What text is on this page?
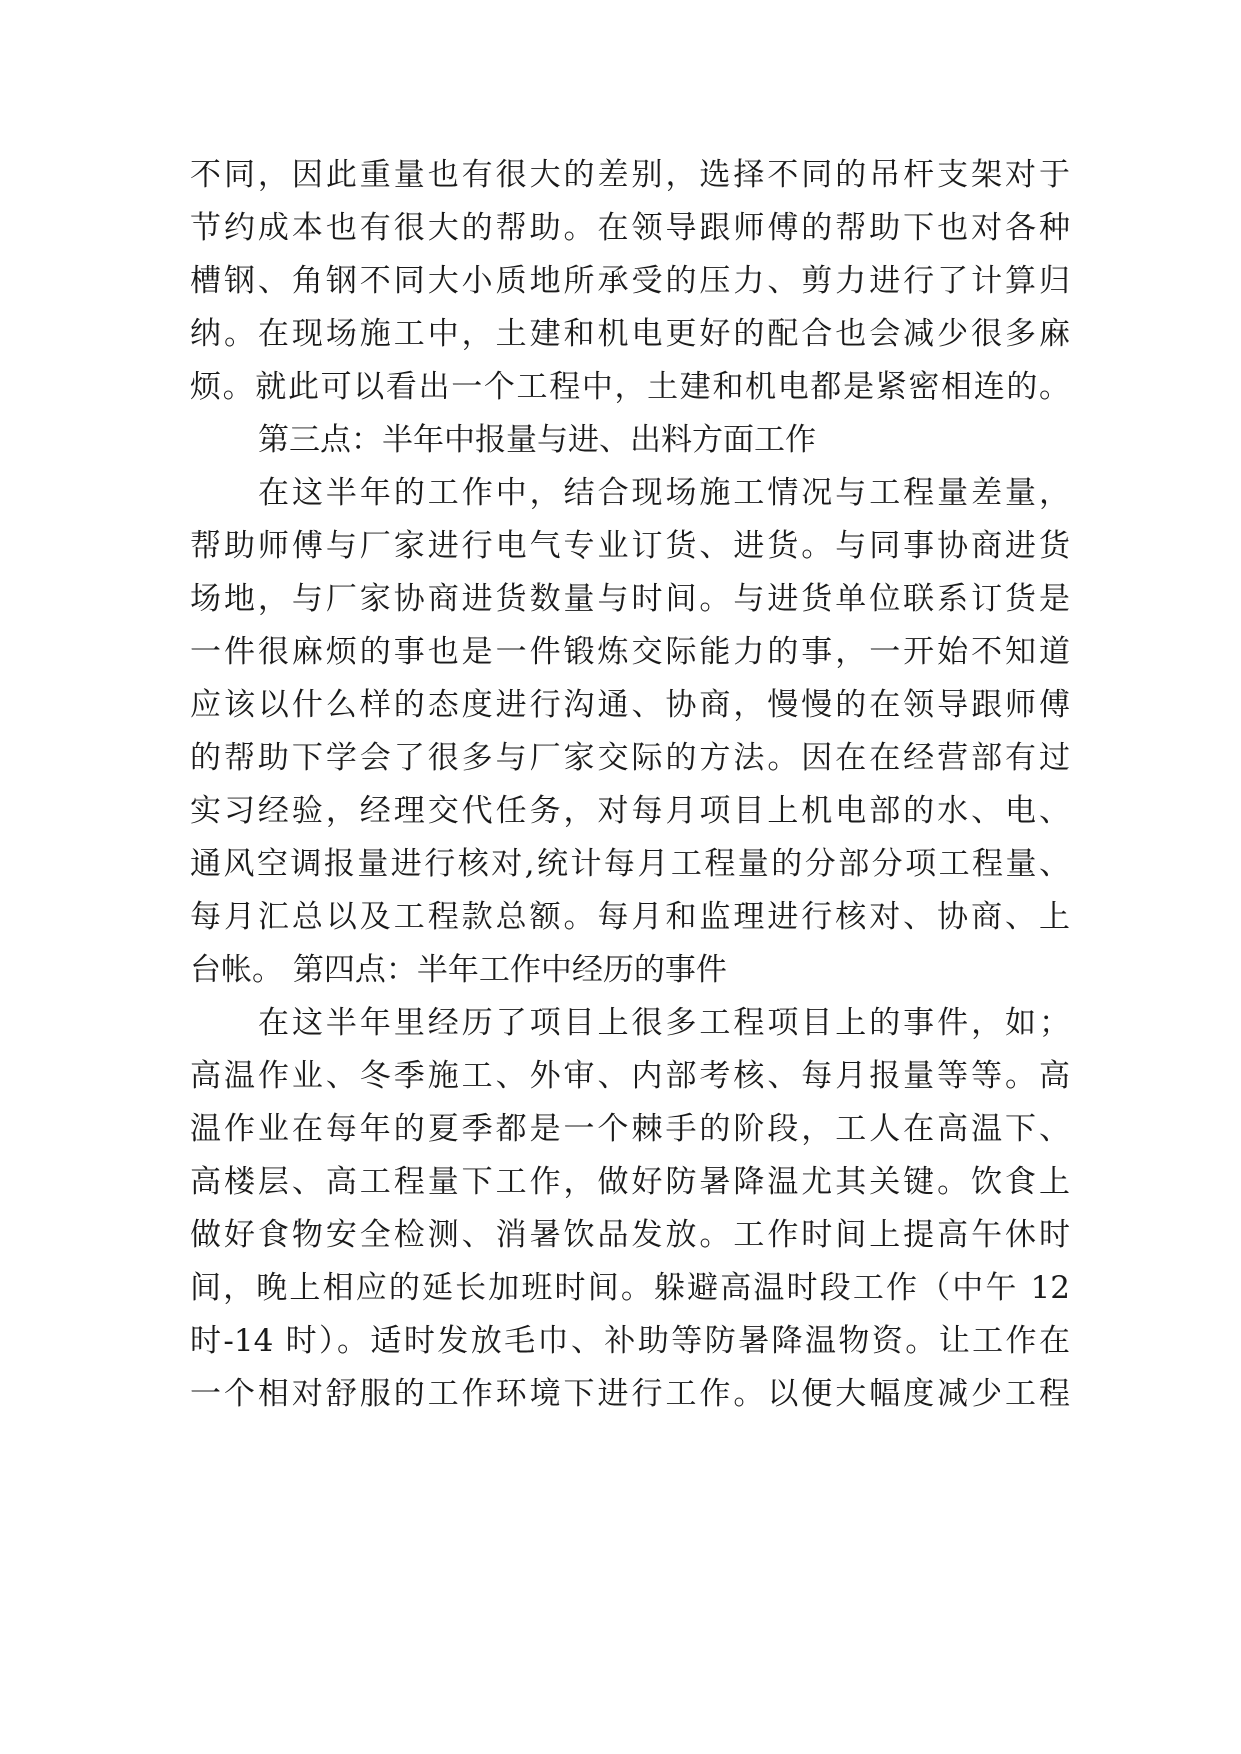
不同，因此重量也有很大的差别，选择不同的吊杆支架对于
节约成本也有很大的帮助。在领导跟师傅的帮助下也对各种
槽钢、角钢不同大小质地所承受的压力、剪力进行了计算归
纳。在现场施工中，土建和机电更好的配合也会减少很多麻
烦。就此可以看出一个工程中，土建和机电都是紧密相连的。
第三点：半年中报量与进、出料方面工作
在这半年的工作中，结合现场施工情况与工程量差量，
帮助师傅与厂家进行电气专业订货、进货。与同事协商进货
场地，与厂家协商进货数量与时间。与进货单位联系订货是
一件很麻烦的事也是一件锻炼交际能力的事，一开始不知道
应该以什么样的态度进行沟通、协商，慢慢的在领导跟师傅
的帮助下学会了很多与厂家交际的方法。因在在经营部有过
实习经验，经理交代任务，对每月项目上机电部的水、电、
通风空调报量进行核对,统计每月工程量的分部分项工程量、
每月汇总以及工程款总额。每月和监理进行核对、协商、上
台帐。 第四点：半年工作中经历的事件
在这半年里经历了项目上很多工程项目上的事件，如；
高温作业、冬季施工、外审、内部考核、每月报量等等。高
温作业在每年的夏季都是一个棘手的阶段，工人在高温下、
高楼层、高工程量下工作，做好防暑降温尤其关键。饮食上
做好食物安全检测、消暑饮品发放。工作时间上提高午休时
间，晚上相应的延长加班时间。躲避高温时段工作（中午 12
时-14 时）。适时发放毛巾、补助等防暑降温物资。让工作在
一个相对舒服的工作环境下进行工作。以便大幅度减少工程
